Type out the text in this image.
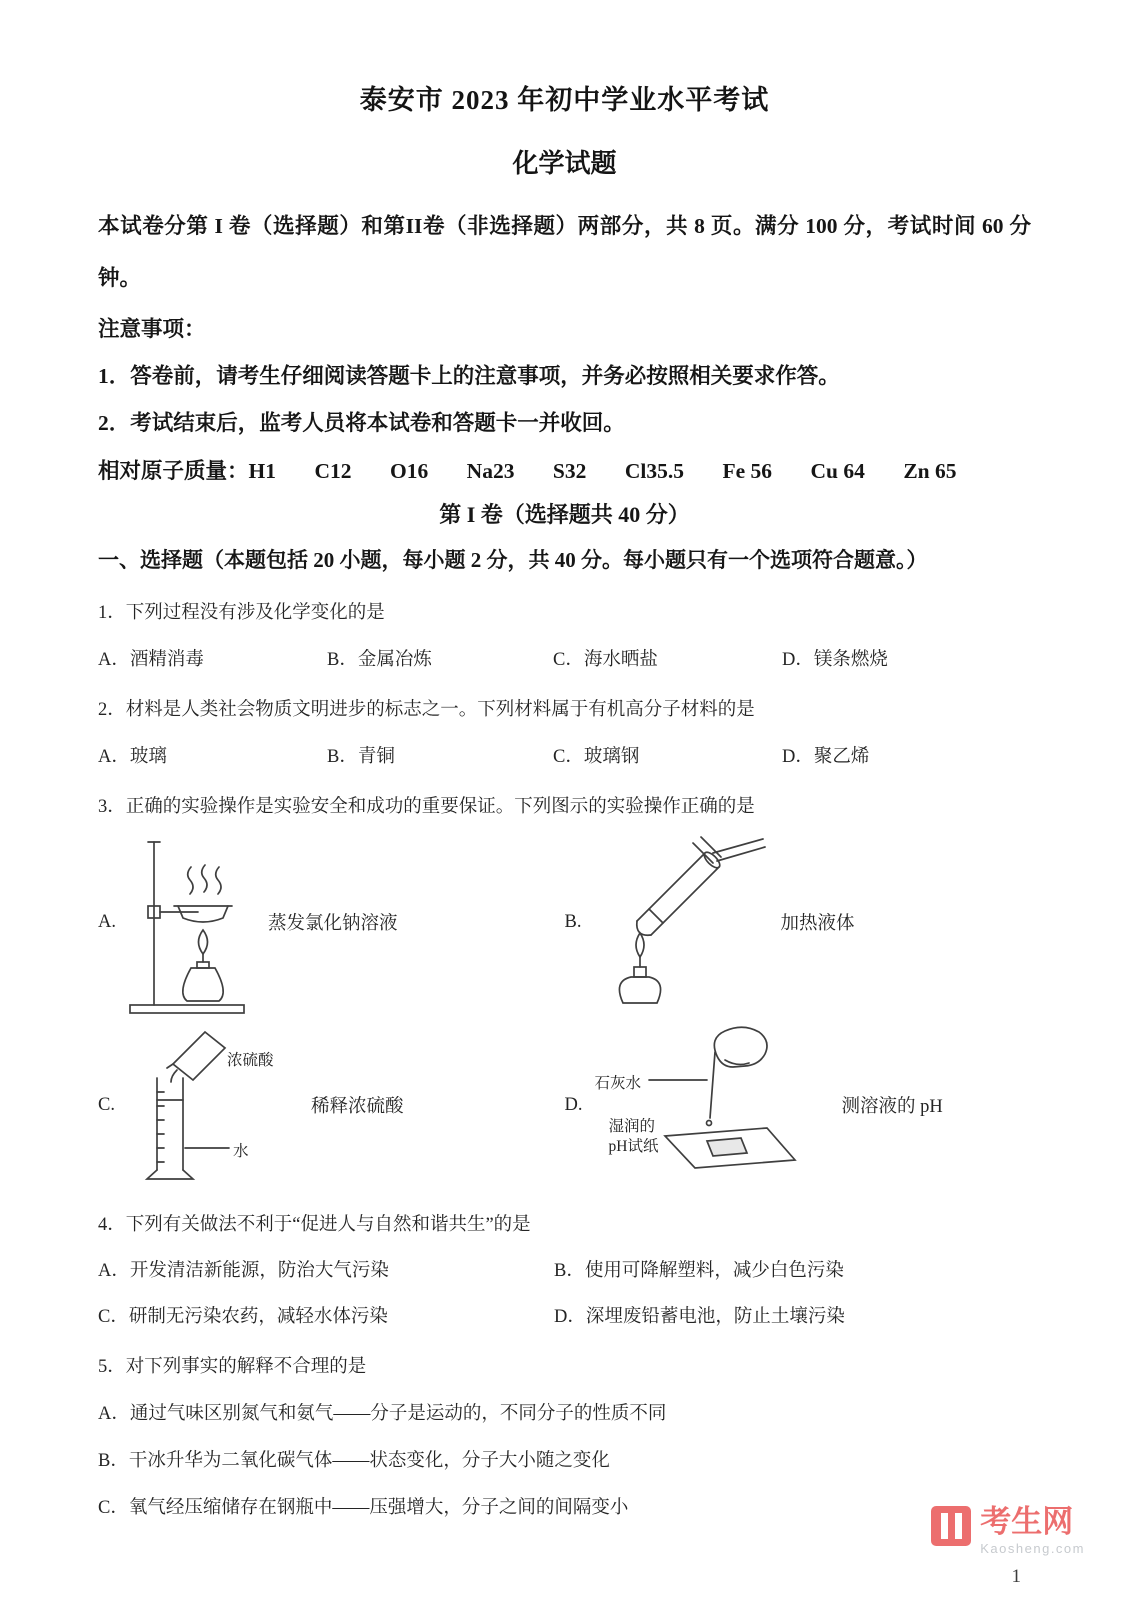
泰安市 2023 年初中学业水平考试
化学试题

本试卷分第 I 卷（选择题）和第II卷（非选择题）两部分，共 8 页。满分 100 分，考试时间 60 分钟。

注意事项：

1．答卷前，请考生仔细阅读答题卡上的注意事项，并务必按照相关要求作答。

2．考试结束后，监考人员将本试卷和答题卡一并收回。

相对原子质量： H1 C12 O16 Na23 S32 Cl35.5 Fe 56 Cu 64 Zn 65

第 I 卷（选择题共 40 分）

一、选择题（本题包括 20 小题，每小题 2 分，共 40 分。每小题只有一个选项符合题意。）

1．下列过程没有涉及化学变化的是

A．酒精消毒	B．金属冶炼	C．海水晒盐	D．镁条燃烧

2．材料是人类社会物质文明进步的标志之一。下列材料属于有机高分子材料的是

A．玻璃	B．青铜	C．玻璃钢	D．聚乙烯

3．正确的实验操作是实验安全和成功的重要保证。下列图示的实验操作正确的是

A.	蒸发氯化钠溶液	B.	加热液体
C.
浓硫酸
水
稀释浓硫酸	D.
石灰水
湿润的
pH试纸
测溶液的 pH

4．下列有关做法不利于“促进人与自然和谐共生”的是

A．开发清洁新能源，防治大气污染	B．使用可降解塑料，减少白色污染
C．研制无污染农药，减轻水体污染	D．深埋废铅蓄电池，防止土壤污染

5．对下列事实的解释不合理的是

A．通过气味区别氮气和氨气——分子是运动的，不同分子的性质不同

B．干冰升华为二氧化碳气体——状态变化，分子大小随之变化

C．氧气经压缩储存在钢瓶中——压强增大，分子之间的间隔变小	考生网
Kaosheng.com
1
